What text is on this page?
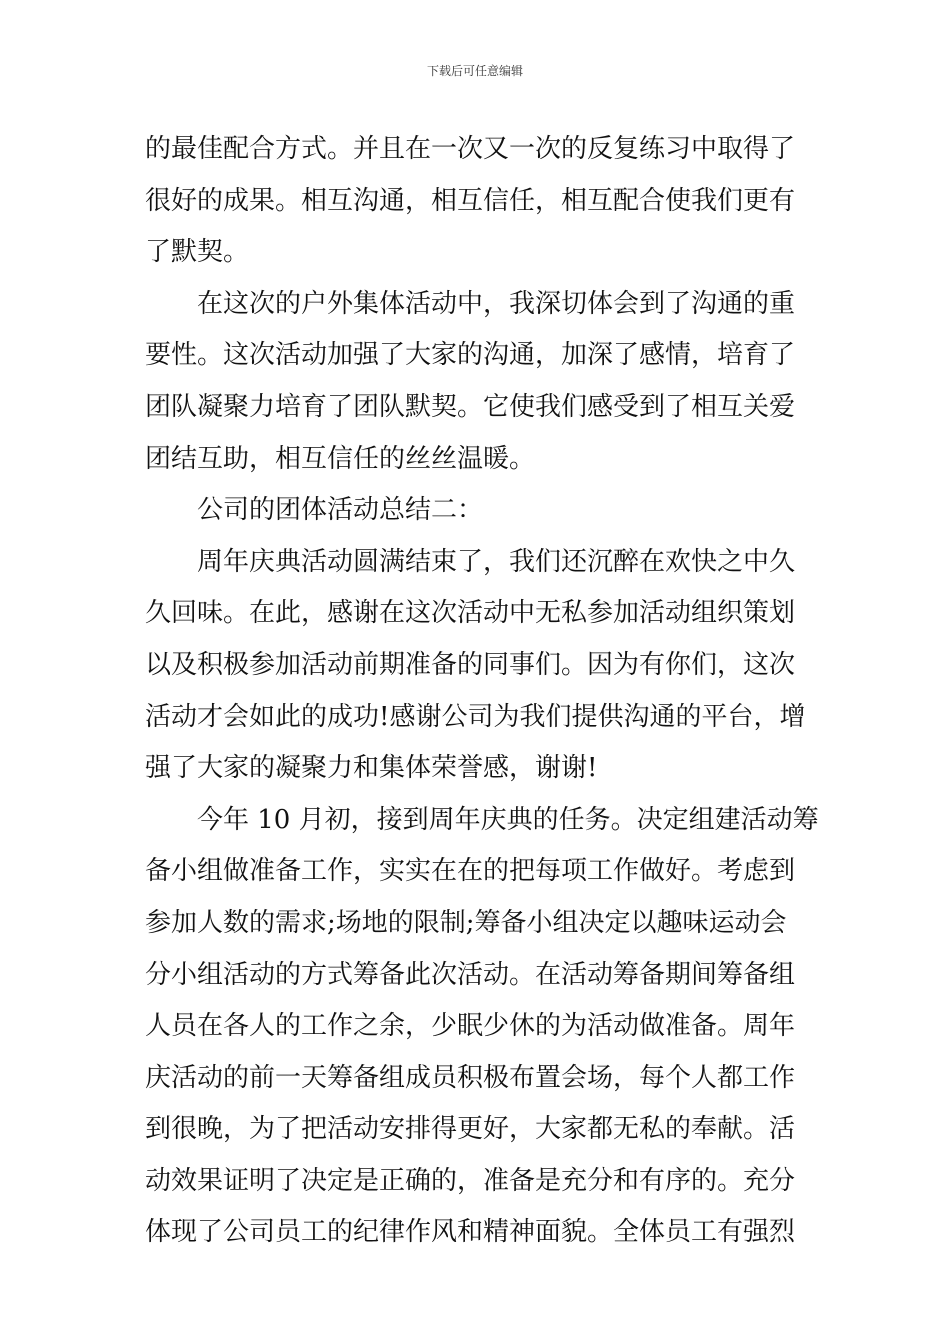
下载后可任意编辑
的最佳配合方式。并且在一次又一次的反复练习中取得了
很好的成果。相互沟通，相互信任，相互配合使我们更有
了默契。
在这次的户外集体活动中，我深切体会到了沟通的重
要性。这次活动加强了大家的沟通，加深了感情，培育了
团队凝聚力培育了团队默契。它使我们感受到了相互关爱
团结互助，相互信任的丝丝温暖。
公司的团体活动总结二：
周年庆典活动圆满结束了，我们还沉醉在欢快之中久
久回味。在此，感谢在这次活动中无私参加活动组织策划
以及积极参加活动前期准备的同事们。因为有你们，这次
活动才会如此的成功!感谢公司为我们提供沟通的平台，增
强了大家的凝聚力和集体荣誉感，谢谢!
今年 10 月初，接到周年庆典的任务。决定组建活动筹
备小组做准备工作，实实在在的把每项工作做好。考虑到
参加人数的需求;场地的限制;筹备小组决定以趣味运动会
分小组活动的方式筹备此次活动。在活动筹备期间筹备组
人员在各人的工作之余，少眠少休的为活动做准备。周年
庆活动的前一天筹备组成员积极布置会场，每个人都工作
到很晚，为了把活动安排得更好，大家都无私的奉献。活
动效果证明了决定是正确的，准备是充分和有序的。充分
体现了公司员工的纪律作风和精神面貌。全体员工有强烈
